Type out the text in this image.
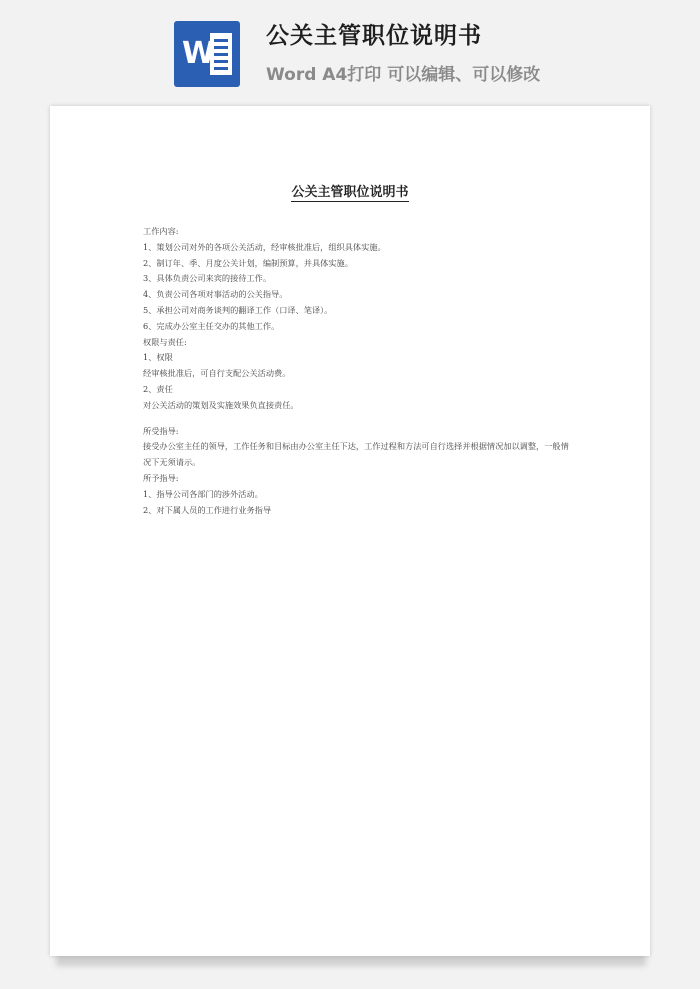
W 公关主管职位说明书
Word A4打印 可以编辑、可以修改
公关主管职位说明书
工作内容:
1、策划公司对外的各项公关活动，经审核批准后，组织具体实施。
2、制订年、季、月度公关计划，编制预算，并具体实施。
3、具体负责公司来宾的接待工作。
4、负责公司各项对事活动的公关指导。
5、承担公司对商务谈判的翻译工作（口译、笔译）。
6、完成办公室主任交办的其他工作。
权限与责任:
1、权限
经审核批准后，可自行支配公关活动费。
2、责任
对公关活动的策划及实施效果负直接责任。
所受指导:
接受办公室主任的领导，工作任务和目标由办公室主任下达，工作过程和方法可自行选择并根据情况加以调整，一般情况下无须请示。
所予指导:
1、指导公司各部门的涉外活动。
2、对下属人员的工作进行业务指导
